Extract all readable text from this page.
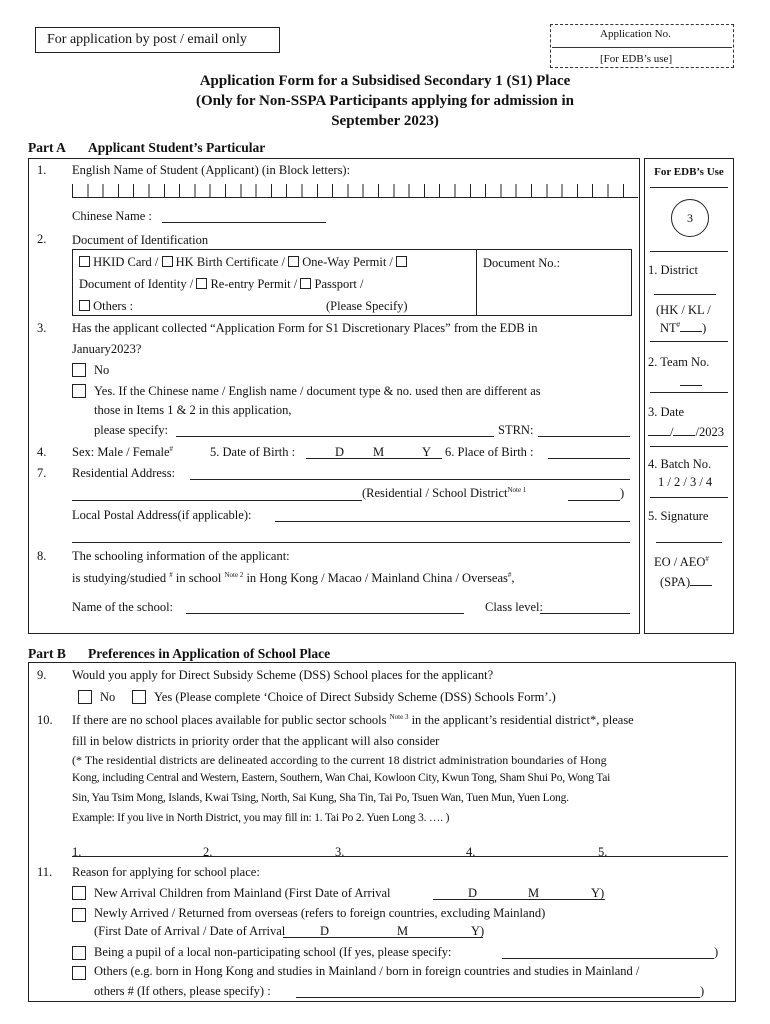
For application by post / email only	Application No.
[For EDB’s use]
Application Form for a Subsidised Secondary 1 (S1) Place
(Only for Non-SSPA Participants applying for admission in
September 2023)
Part A Applicant Student’s Particular
1. English Name of Student (Applicant) (in Block letters):
Chinese Name :
2. Document of Identification
HKID Card / HK Birth Certificate / One-Way Permit /
Document of Identity / Re-entry Permit / Passport /
Others :	(Please Specify)
Document No.:
3. Has the applicant collected “Application Form for S1 Discretionary Places” from the EDB in
January2023?
No
Yes. If the Chinese name / English name / document type & no. used then are different as
those in Items 1 & 2 in this application,
please specify:	STRN:
4. Sex: Male / Female#	5. Date of Birth :	D M	Y 6. Place of Birth :
7. Residential Address:
(Residential / School District$^{Note 1}$	)
Local Postal Address(if applicable):
8. The schooling information of the applicant:
is studying/studied # in school $^{Note 2}$ in Hong Kong / Macao / Mainland China / Overseas#,
Name of the school:	Class level:
For EDB’s Use
3
1. District
(HK / KL /
NT# )
2. Team No.
3. Date
/ /2023
4. Batch No.
1 / 2 / 3 / 4
5. Signature
EO / AEO#
(SPA)
Part B Preferences in Application of School Place
9. Would you apply for Direct Subsidy Scheme (DSS) School places for the applicant?
No	Yes (Please complete ‘Choice of Direct Subsidy Scheme (DSS) Schools Form’.)
10. If there are no school places available for public sector schools $^{Note 3}$ in the applicant’s residential district*, please
fill in below districts in priority order that the applicant will also consider
(* The residential districts are delineated according to the current 18 district administration boundaries of Hong
Kong, including Central and Western, Eastern, Southern, Wan Chai, Kowloon City, Kwun Tong, Sham Shui Po, Wong Tai
Sin, Yau Tsim Mong, Islands, Kwai Tsing, North, Sai Kung, Sha Tin, Tai Po, Tsuen Wan, Tuen Mun, Yuen Long.
Example: If you live in North District, you may fill in: 1. Tai Po 2. Yuen Long 3. …. )
1.	2.	3.	4.	5.
11. Reason for applying for school place:
New Arrival Children from Mainland (First Date of Arrival	D	M	Y )
Newly Arrived / Returned from overseas (refers to foreign countries, excluding Mainland)
(First Date of Arrival / Date of Arrival	D	M	Y )
Being a pupil of a local non-participating school (If yes, please specify:	)
Others (e.g. born in Hong Kong and studies in Mainland / born in foreign countries and studies in Mainland /
others # (If others, please specify) :	)
